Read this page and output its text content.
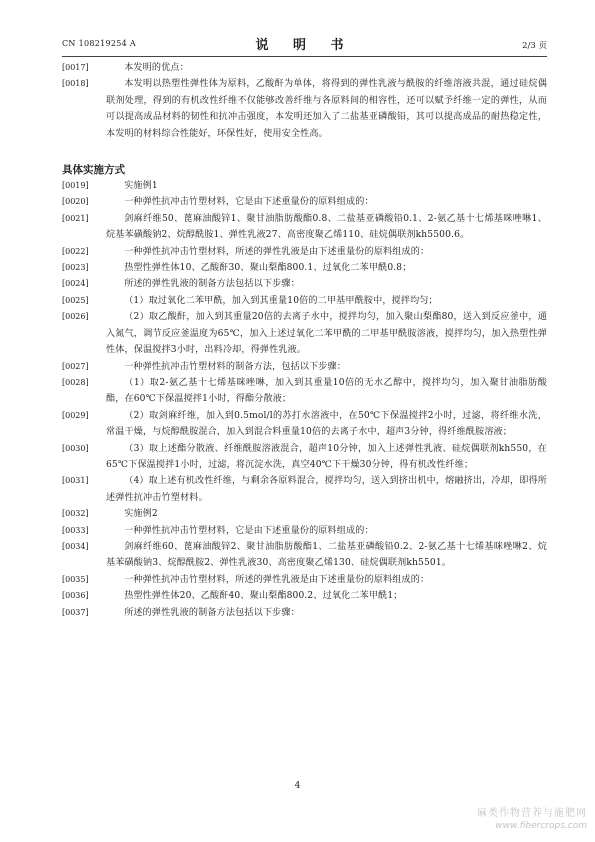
CN 108219254 A	说 明 书	2/3 页
[0017]	本发明的优点：
[0018]	本发明以热塑性弹性体为原料，乙酸酐为单体，将得到的弹性乳液与酰胺的纤维溶液共混，通过硅烷偶联剂处理，得到的有机改性纤维不仅能够改善纤维与各原料间的相容性，还可以赋予纤维一定的弹性，从而可以提高成品材料的韧性和抗冲击强度，本发明还加入了二盐基亚磷酸铅，其可以提高成品的耐热稳定性，本发明的材料综合性能好，环保性好，使用安全性高。
具体实施方式
[0019]	实施例1
[0020]	一种弹性抗冲击竹塑材料，它是由下述重量份的原料组成的：
[0021]	剑麻纤维50、蓖麻油酸锌1、聚甘油脂肪酸酯0.8、二盐基亚磷酸铅0.1、2-氨乙基十七烯基咪唑啉1、烷基苯磺酸钠2、烷醇酰胺1、弹性乳液27、高密度聚乙烯110、硅烷偶联剂kh5500.6。
[0022]	一种弹性抗冲击竹塑材料，所述的弹性乳液是由下述重量份的原料组成的：
[0023]	热塑性弹性体10、乙酸酐30、聚山梨酯800.1、过氧化二苯甲酰0.8；
[0024]	所述的弹性乳液的制备方法包括以下步骤：
[0025]	（1）取过氧化二苯甲酰，加入到其重量10倍的二甲基甲酰胺中，搅拌均匀；
[0026]	（2）取乙酸酐，加入到其重量20倍的去离子水中，搅拌均匀，加入聚山梨酯80，送入到反应釜中，通入氮气，调节反应釜温度为65℃，加入上述过氧化二苯甲酰的二甲基甲酰胺溶液，搅拌均匀，加入热塑性弹性体，保温搅拌3小时，出料冷却，得弹性乳液。
[0027]	一种弹性抗冲击竹塑材料的制备方法，包括以下步骤：
[0028]	（1）取2-氨乙基十七烯基咪唑啉，加入到其重量10倍的无水乙醇中，搅拌均匀，加入聚甘油脂肪酸酯，在60℃下保温搅拌1小时，得酯分散液；
[0029]	（2）取剑麻纤维，加入到0.5mol/l的苏打水溶液中，在50℃下保温搅拌2小时，过滤，将纤维水洗，常温干燥，与烷醇酰胺混合，加入到混合料重量10倍的去离子水中，超声3分钟，得纤维酰胺溶液；
[0030]	（3）取上述酯分散液、纤维酰胺溶液混合，超声10分钟，加入上述弹性乳液、硅烷偶联剂kh550，在65℃下保温搅拌1小时，过滤，将沉淀水洗，真空40℃下干燥30分钟，得有机改性纤维；
[0031]	（4）取上述有机改性纤维，与剩余各原料混合，搅拌均匀，送入到挤出机中，熔融挤出，冷却，即得所述弹性抗冲击竹塑材料。
[0032]	实施例2
[0033]	一种弹性抗冲击竹塑材料，它是由下述重量份的原料组成的：
[0034]	剑麻纤维60、蓖麻油酸锌2、聚甘油脂肪酸酯1、二盐基亚磷酸铅0.2、2-氨乙基十七烯基咪唑啉2、烷基苯磺酸钠3、烷醇酰胺2、弹性乳液30、高密度聚乙烯130、硅烷偶联剂kh5501。
[0035]	一种弹性抗冲击竹塑材料，所述的弹性乳液是由下述重量份的原料组成的：
[0036]	热塑性弹性体20、乙酸酐40、聚山梨酯800.2、过氧化二苯甲酰1；
[0037]	所述的弹性乳液的制备方法包括以下步骤：
4
麻类作物营养与施肥网
www.fibercrops.com
